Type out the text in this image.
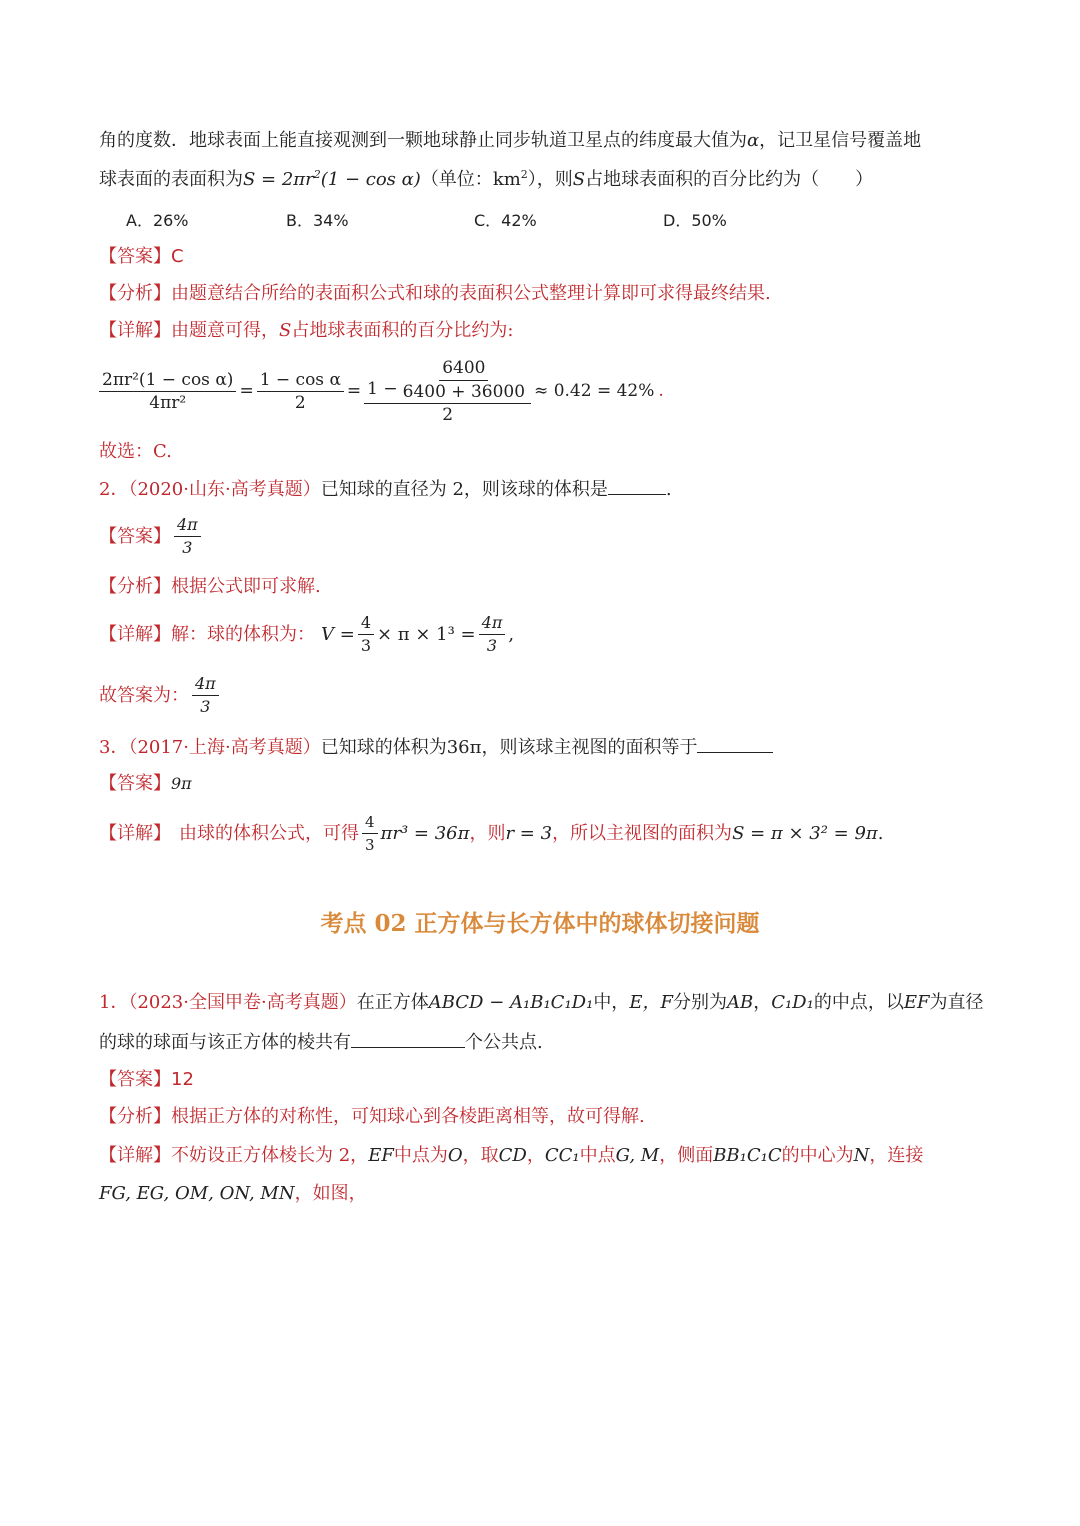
角的度数．地球表面上能直接观测到一颗地球静止同步轨道卫星点的纬度最大值为α，记卫星信号覆盖地
球表面的表面积为$S = 2\pi r^2(1 - \cos \alpha)$（单位：$km^2$），则S占地球表面积的百分比约为（　　）
A．26%	B．34%	C．42%	D．50%
【答案】C
【分析】由题意结合所给的表面积公式和球的表面积公式整理计算即可求得最终结果.
【详解】由题意可得，S占地球表面积的百分比约为:
$\frac{\text{2πr²(1 − cos α)}}{\text{4πr²}} = \frac{\text{1 − cos α}}{2} = \frac{1 - \frac{6400}{6400 + 36000}}{2} \approx 0.42 = 42\%$ .
故选：C.
2．（2020·山东·高考真题）已知球的直径为 2，则该球的体积是	.
【答案】 $\frac{4\pi}{3}$
【分析】根据公式即可求解.
【详解】 解：球的体积为： $V = \frac{4}{3} \times \pi \times 1^3 = \frac{4\pi}{3}$ ,
故答案为： $\frac{4\pi}{3}$
3．（2017·上海·高考真题）已知球的体积为36π，则该球主视图的面积等于
【答案】9π
【详解】 由球的体积公式，可得 $\frac{4}{3} \pi r^3 = 36\pi$ ，则 r = 3 ，所以主视图的面积为 S = π × 3² = 9π .
考点 02 正方体与长方体中的球体切接问题
1．（2023·全国甲卷·高考真题）在正方体ABCD − A₁B₁C₁D₁中，E，F分别为AB，C₁D₁的中点，以EF为直径
的球的球面与该正方体的棱共有	个公共点.
【答案】12
【分析】根据正方体的对称性，可知球心到各棱距离相等，故可得解.
【详解】不妨设正方体棱长为 2，EF中点为O，取CD，CC₁中点G, M，侧面BB₁C₁C的中心为N，连接
FG, EG, OM, ON, MN，如图，
